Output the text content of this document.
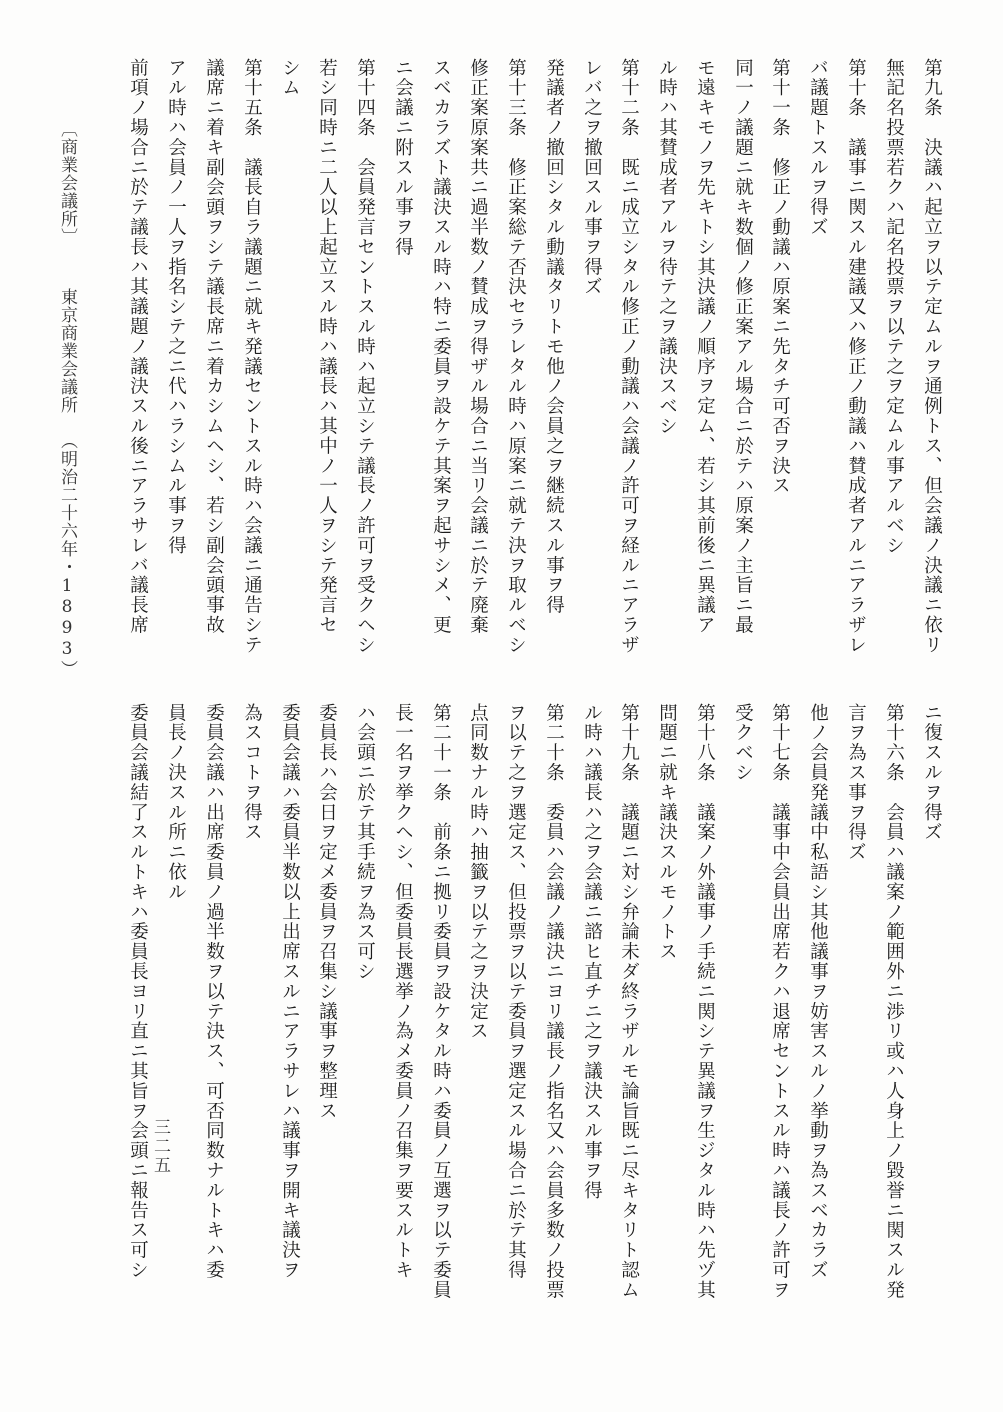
第九条　決議ハ起立ヲ以テ定ムルヲ通例トス、但会議ノ決議ニ依リ
無記名投票若クハ記名投票ヲ以テ之ヲ定ムル事アルベシ
第十条　議事ニ関スル建議又ハ修正ノ動議ハ賛成者アルニアラザレ
バ議題トスルヲ得ズ
第十一条　修正ノ動議ハ原案ニ先タチ可否ヲ決ス
同一ノ議題ニ就キ数個ノ修正案アル場合ニ於テハ原案ノ主旨ニ最
モ遠キモノヲ先キトシ其決議ノ順序ヲ定ム、若シ其前後ニ異議ア
ル時ハ其賛成者アルヲ待テ之ヲ議決スベシ
第十二条　既ニ成立シタル修正ノ動議ハ会議ノ許可ヲ経ルニアラザ
レバ之ヲ撤回スル事ヲ得ズ
発議者ノ撤回シタル動議タリトモ他ノ会員之ヲ継続スル事ヲ得
第十三条　修正案総テ否決セラレタル時ハ原案ニ就テ決ヲ取ルベシ
修正案原案共ニ過半数ノ賛成ヲ得ザル場合ニ当リ会議ニ於テ廃棄
スベカラズト議決スル時ハ特ニ委員ヲ設ケテ其案ヲ起サシメ、更
ニ会議ニ附スル事ヲ得
第十四条　会員発言セントスル時ハ起立シテ議長ノ許可ヲ受クヘシ
若シ同時ニ二人以上起立スル時ハ議長ハ其中ノ一人ヲシテ発言セ
シム
第十五条　議長自ラ議題ニ就キ発議セントスル時ハ会議ニ通告シテ
議席ニ着キ副会頭ヲシテ議長席ニ着カシムヘシ、若シ副会頭事故
アル時ハ会員ノ一人ヲ指名シテ之ニ代ハラシムル事ヲ得
前項ノ場合ニ於テ議長ハ其議題ノ議決スル後ニアラサレバ議長席
〔商業会議所〕東京商業会議所（明治二十六年・1893）
ニ復スルヲ得ズ
第十六条　会員ハ議案ノ範囲外ニ渉リ或ハ人身上ノ毀誉ニ関スル発
言ヲ為ス事ヲ得ズ
他ノ会員発議中私語シ其他議事ヲ妨害スルノ挙動ヲ為スベカラズ
第十七条　議事中会員出席若クハ退席セントスル時ハ議長ノ許可ヲ
受クベシ
第十八条　議案ノ外議事ノ手続ニ関シテ異議ヲ生ジタル時ハ先ヅ其
問題ニ就キ議決スルモノトス
第十九条　議題ニ対シ弁論未ダ終ラザルモ論旨既ニ尽キタリト認ム
ル時ハ議長ハ之ヲ会議ニ諮ヒ直チニ之ヲ議決スル事ヲ得
第二十条　委員ハ会議ノ議決ニヨリ議長ノ指名又ハ会員多数ノ投票
ヲ以テ之ヲ選定ス、但投票ヲ以テ委員ヲ選定スル場合ニ於テ其得
点同数ナル時ハ抽籤ヲ以テ之ヲ決定ス
第二十一条　前条ニ拠リ委員ヲ設ケタル時ハ委員ノ互選ヲ以テ委員
長一名ヲ挙クヘシ、但委員長選挙ノ為メ委員ノ召集ヲ要スルトキ
ハ会頭ニ於テ其手続ヲ為ス可シ
委員長ハ会日ヲ定メ委員ヲ召集シ議事ヲ整理ス
委員会議ハ委員半数以上出席スルニアラサレハ議事ヲ開キ議決ヲ
為スコトヲ得ス
委員会議ハ出席委員ノ過半数ヲ以テ決ス、可否同数ナルトキハ委
員長ノ決スル所ニ依ル
委員会議結了スルトキハ委員長ヨリ直ニ其旨ヲ会頭ニ報告ス可シ 三二五
